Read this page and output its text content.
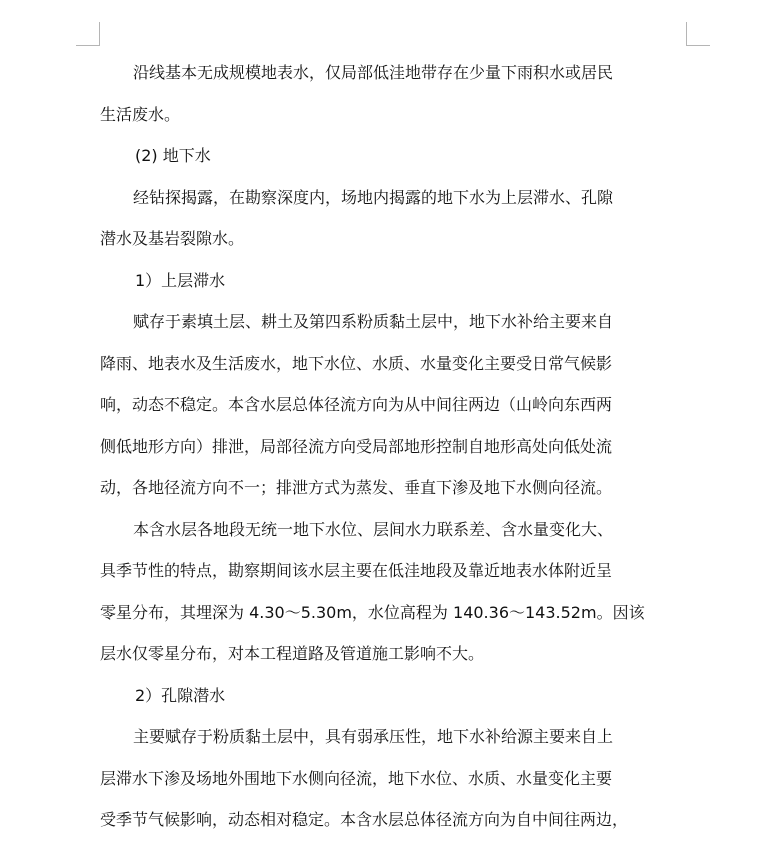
沿线基本无成规模地表水，仅局部低洼地带存在少量下雨积水或居民
生活废水。

(2) 地下水

经钻探揭露，在勘察深度内，场地内揭露的地下水为上层滞水、孔隙
潜水及基岩裂隙水。

1）上层滞水

赋存于素填土层、耕土及第四系粉质黏土层中，地下水补给主要来自
降雨、地表水及生活废水，地下水位、水质、水量变化主要受日常气候影
响，动态不稳定。本含水层总体径流方向为从中间往两边（山岭向东西两
侧低地形方向）排泄，局部径流方向受局部地形控制自地形高处向低处流
动，各地径流方向不一；排泄方式为蒸发、垂直下渗及地下水侧向径流。

本含水层各地段无统一地下水位、层间水力联系差、含水量变化大、
具季节性的特点，勘察期间该水层主要在低洼地段及靠近地表水体附近呈
零星分布，其埋深为 4.30～5.30m，水位高程为 140.36～143.52m。因该
层水仅零星分布，对本工程道路及管道施工影响不大。

2）孔隙潜水

主要赋存于粉质黏土层中，具有弱承压性，地下水补给源主要来自上
层滞水下渗及场地外围地下水侧向径流，地下水位、水质、水量变化主要
受季节气候影响，动态相对稳定。本含水层总体径流方向为自中间往两边，
